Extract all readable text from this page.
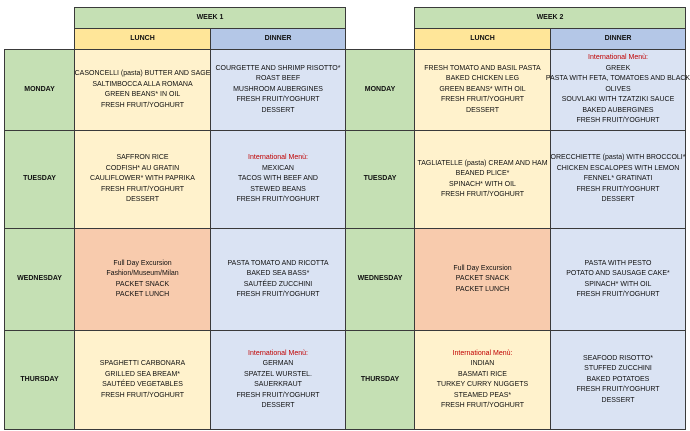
WEEK 1
LUNCH	DINNER
WEEK 2
LUNCH	DINNER
MONDAY
CASONCELLI (pasta) BUTTER AND SAGE
SALTIMBOCCA ALLA ROMANA
GREEN BEANS* IN OIL
FRESH FRUIT/YOGHURT
COURGETTE AND SHRIMP RISOTTO*
ROAST BEEF
MUSHROOM AUBERGINES
FRESH FRUIT/YOGHURT
DESSERT
TUESDAY
SAFFRON RICE
CODFISH* AU GRATIN
CAULIFLOWER* WITH PAPRIKA
FRESH FRUIT/YOGHURT
DESSERT
International Menù:
MEXICAN
TACOS WITH BEEF AND
STEWED BEANS
FRESH FRUIT/YOGHURT
WEDNESDAY
Full Day Excursion
Fashion/Museum/Milan
PACKET SNACK
PACKET LUNCH
PASTA TOMATO AND RICOTTA
BAKED SEA BASS*
SAUTÉED ZUCCHINI
FRESH FRUIT/YOGHURT
THURSDAY
SPAGHETTI CARBONARA
GRILLED SEA BREAM*
SAUTÉED VEGETABLES
FRESH FRUIT/YOGHURT
International Menù:
GERMAN
SPATZEL WURSTEL.
SAUERKRAUT
FRESH FRUIT/YOGHURT
DESSERT
MONDAY
FRESH TOMATO AND BASIL PASTA
BAKED CHICKEN LEG
GREEN BEANS* WITH OIL
FRESH FRUIT/YOGHURT
DESSERT
International Menù:
GREEK
PASTA WITH FETA, TOMATOES AND BLACK
OLIVES
SOUVLAKI WITH TZATZIKI SAUCE
BAKED AUBERGINES
FRESH FRUIT/YOGHURT
TUESDAY
TAGLIATELLE (pasta) CREAM AND HAM
BEANED PLICE*
SPINACH* WITH OIL
FRESH FRUIT/YOGHURT
ORECCHIETTE (pasta) WITH BROCCOLI*
CHICKEN ESCALOPES WITH LEMON
FENNEL* GRATINATI
FRESH FRUIT/YOGHURT
DESSERT
WEDNESDAY
Full Day Excursion
PACKET SNACK
PACKET LUNCH
PASTA WITH PESTO
POTATO AND SAUSAGE CAKE*
SPINACH* WITH OIL
FRESH FRUIT/YOGHURT
THURSDAY
International Menù:
INDIAN
BASMATI RICE
TURKEY CURRY NUGGETS
STEAMED PEAS*
FRESH FRUIT/YOGHURT
SEAFOOD RISOTTO*
STUFFED ZUCCHINI
BAKED POTATOES
FRESH FRUIT/YOGHURT
DESSERT
